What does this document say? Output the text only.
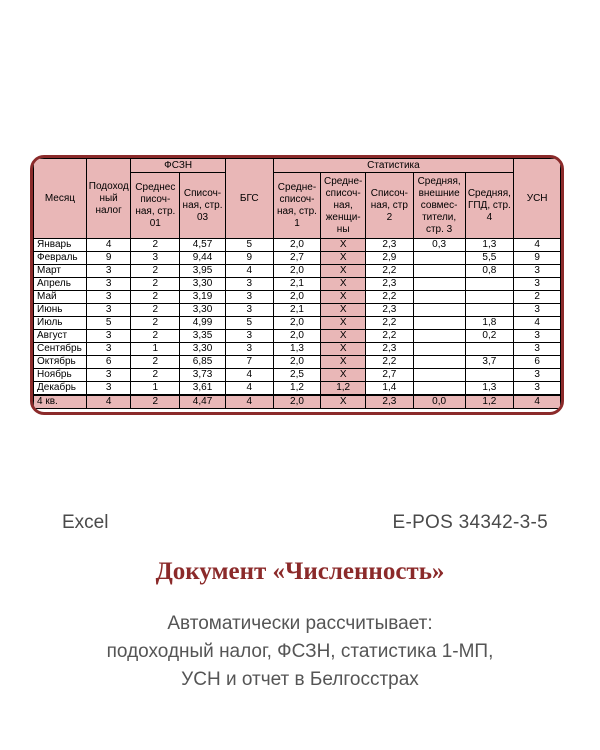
Месяц	Подоход ный налог	ФСЗН		БГС	Статистика					УСН
		Среднес писоч- ная, стр. 01	Списоч- ная, стр. 03		Средне- списоч- ная, стр. 1	Средне- списоч- ная, женщи- ны	Списоч- ная, стр 2	Средняя, внешние совмес- тители, стр. 3	Средняя, ГПД, стр. 4	
Январь	4	2	4,57	5	2,0	Х	2,3	0,3	1,3	4
Февраль	9	3	9,44	9	2,7	Х	2,9		5,5	9
Март	3	2	3,95	4	2,0	Х	2,2		0,8	3
Апрель	3	2	3,30	3	2,1	Х	2,3			3
Май	3	2	3,19	3	2,0	Х	2,2			2
Июнь	3	2	3,30	3	2,1	Х	2,3			3
Июль	5	2	4,99	5	2,0	Х	2,2		1,8	4
Август	3	2	3,35	3	2,0	Х	2,2		0,2	3
Сентябрь	3	1	3,30	3	1,3	Х	2,3			3
Октябрь	6	2	6,85	7	2,0	Х	2,2		3,7	6
Ноябрь	3	2	3,73	4	2,5	Х	2,7			3
Декабрь	3	1	3,61	4	1,2	1,2	1,4		1,3	3
4 кв.	4	2	4,47	4	2,0	Х	2,3	0,0	1,2	4
Excel	E-POS 34342-3-5
Документ «Численность»
Автоматически рассчитывает:
подоходный налог, ФСЗН, статистика 1-МП,
УСН и отчет в Белгосстрах
